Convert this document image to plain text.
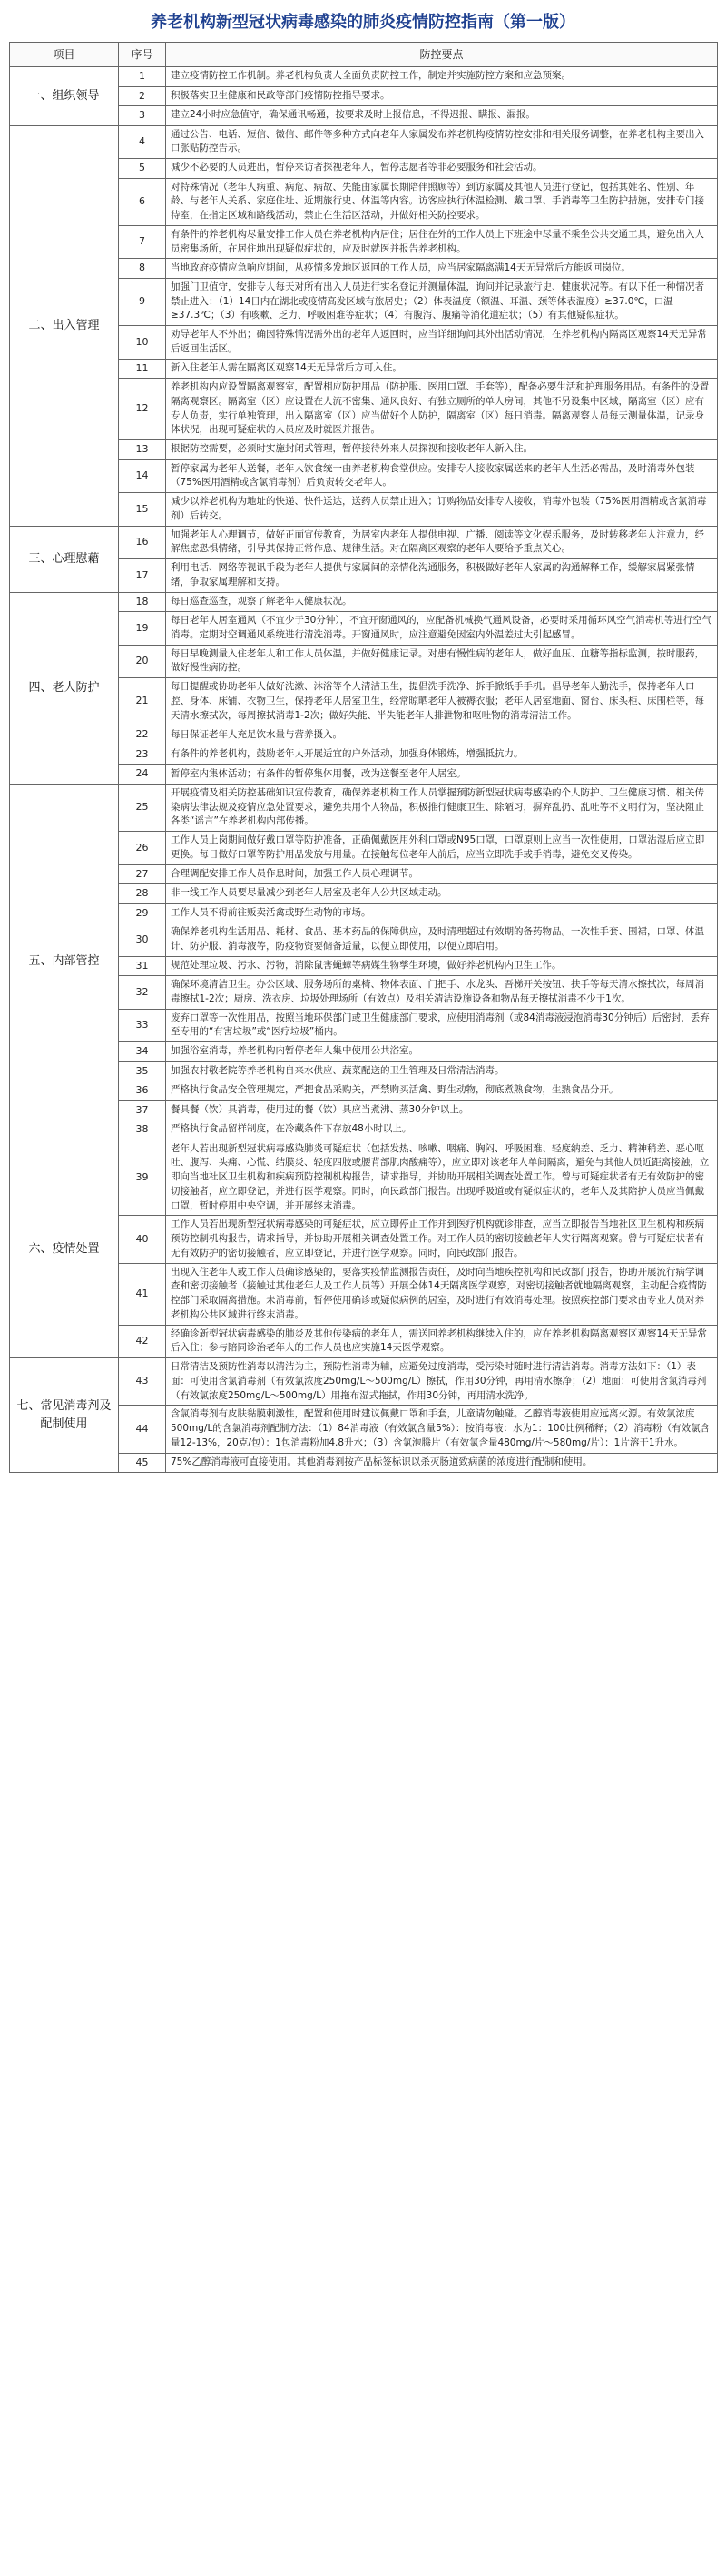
养老机构新型冠状病毒感染的肺炎疫情防控指南（第一版）
项目	序号	防控要点
一、组织领导	1	建立疫情防控工作机制。养老机构负责人全面负责防控工作，制定并实施防控方案和应急预案。
	2	积极落实卫生健康和民政等部门疫情防控指导要求。
	3	建立24小时应急值守，确保通讯畅通，按要求及时上报信息，不得迟报、瞒报、漏报。
二、出入管理	4	通过公告、电话、短信、微信、邮件等多种方式向老年人家属发布养老机构疫情防控安排和相关服务调整，在养老机构主要出入口张贴防控告示。
	5	减少不必要的人员进出，暂停来访者探视老年人，暂停志愿者等非必要服务和社会活动。
	6	对特殊情况（老年人病重、病危、病故、失能由家属长期陪伴照顾等）到访家属及其他人员进行登记，包括其姓名、性别、年龄、与老年人关系、家庭住址、近期旅行史、体温等内容。访客应执行体温检测、戴口罩、手消毒等卫生防护措施，安排专门接待室，在指定区域和路线活动，禁止在生活区活动，并做好相关防控要求。
	7	有条件的养老机构尽量安排工作人员在养老机构内居住；居住在外的工作人员上下班途中尽量不乘坐公共交通工具，避免出入人员密集场所，在居住地出现疑似症状的，应及时就医并报告养老机构。
	8	当地政府疫情应急响应期间，从疫情多发地区返回的工作人员，应当居家隔离满14天无异常后方能返回岗位。
	9	加强门卫值守，安排专人每天对所有出入人员进行实名登记并测量体温，询问并记录旅行史、健康状况等。有以下任一种情况者禁止进入：（1）14日内在湖北或疫情高发区域有旅居史；（2）体表温度（额温、耳温、颈等体表温度）≥37.0℃，口温≥37.3℃；（3）有咳嗽、乏力、呼吸困难等症状；（4）有腹泻、腹痛等消化道症状；（5）有其他疑似症状。
	10	劝导老年人不外出；确因特殊情况需外出的老年人返回时，应当详细询问其外出活动情况，在养老机构内隔离区观察14天无异常后返回生活区。
	11	新入住老年人需在隔离区观察14天无异常后方可入住。
	12	养老机构内应设置隔离观察室，配置相应防护用品（防护服、医用口罩、手套等），配备必要生活和护理服务用品。有条件的设置隔离观察区。隔离室（区）应设置在人流不密集、通风良好、有独立厕所的单人房间，其他不另设集中区域，隔离室（区）应有专人负责，实行单独管理，出入隔离室（区）应当做好个人防护，隔离室（区）每日消毒。隔离观察人员每天测量体温，记录身体状况，出现可疑症状的人员应及时就医并报告。
	13	根据防控需要，必须时实施封闭式管理，暂停接待外来人员探视和接收老年人新入住。
	14	暂停家属为老年人送餐，老年人饮食统一由养老机构食堂供应。安排专人接收家属送来的老年人生活必需品，及时消毒外包装（75%医用酒精或含氯消毒剂）后负责转交老年人。
	15	减少以养老机构为地址的快递、快件送达，送药人员禁止进入；订购物品安排专人接收，消毒外包装（75%医用酒精或含氯消毒剂）后转交。
三、心理慰藉	16	加强老年人心理调节，做好正面宣传教育，为居室内老年人提供电视、广播、阅读等文化娱乐服务，及时转移老年人注意力，纾解焦虑恐惧情绪，引导其保持正常作息、规律生活。对在隔离区观察的老年人要给予重点关心。
	17	利用电话、网络等视讯手段为老年人提供与家属间的亲情化沟通服务，积极做好老年人家属的沟通解释工作，缓解家属紧张情绪，争取家属理解和支持。
四、老人防护	18	每日巡查巡查，观察了解老年人健康状况。
	19	每日老年人居室通风（不宜少于30分钟），不宜开窗通风的，应配备机械换气通风设备，必要时采用循环风空气消毒机等进行空气消毒。定期对空调通风系统进行清洗消毒。开窗通风时，应注意避免因室内外温差过大引起感冒。
	20	每日早晚测量入住老年人和工作人员体温，并做好健康记录。对患有慢性病的老年人，做好血压、血糖等指标监测，按时服药，做好慢性病防控。
	21	每日提醒或协助老年人做好洗漱、沐浴等个人清洁卫生，提倡洗手洗净、拆手掀纸手手机。倡导老年人勤洗手，保持老年人口腔、身体、床铺、衣物卫生，保持老年人居室卫生，经常晾晒老年人被褥衣服；老年人居室地面、窗台、床头柜、床围栏等，每天清水擦拭次，每周擦拭消毒1-2次；做好失能、半失能老年人排泄物和呕吐物的消毒清洁工作。
	22	每日保证老年人充足饮水量与营养摄入。
	23	有条件的养老机构，鼓励老年人开展适宜的户外活动，加强身体锻炼，增强抵抗力。
	24	暂停室内集体活动；有条件的暂停集体用餐，改为送餐至老年人居室。
五、内部管控	25	开展疫情及相关防控基础知识宣传教育，确保养老机构工作人员掌握预防新型冠状病毒感染的个人防护、卫生健康习惯、相关传染病法律法规及疫情应急处置要求，避免共用个人物品，积极推行健康卫生、除陋习，摒弃乱扔、乱吐等不文明行为，坚决阻止各类“谣言”在养老机构内部传播。
	26	工作人员上岗期间做好戴口罩等防护准备，正确佩戴医用外科口罩或N95口罩，口罩原则上应当一次性使用，口罩沾湿后应立即更换。每日做好口罩等防护用品发放与用量。在接触每位老年人前后，应当立即洗手或手消毒，避免交叉传染。
	27	合理调配安排工作人员作息时间，加强工作人员心理调节。
	28	非一线工作人员要尽量减少到老年人居室及老年人公共区域走动。
	29	工作人员不得前往贩卖活禽或野生动物的市场。
	30	确保养老机构生活用品、耗材、食品、基本药品的保障供应，及时清理超过有效期的备药物品。一次性手套、围裙，口罩、体温计、防护服、消毒液等，防疫物资要储备适量，以便立即使用，以便立即启用。
	31	规范处理垃圾、污水、污物，消除鼠害蝇蟑等病媒生物孳生环境，做好养老机构内卫生工作。
	32	确保环境清洁卫生。办公区域、服务场所的桌椅、物体表面、门把手、水龙头、吾梯开关按钮、扶手等每天清水擦拭次，每周消毒擦拭1-2次；厨房、洗衣房、垃圾处理场所（有效点）及相关清洁设施设备和物品每天擦拭消毒不少于1次。
	33	废弃口罩等一次性用品，按照当地环保部门或卫生健康部门要求，应使用消毒剂（或84消毒液浸泡消毒30分钟后）后密封，丢弃至专用的“有害垃圾”或“医疗垃圾”桶内。
	34	加强浴室消毒，养老机构内暂停老年人集中使用公共浴室。
	35	加强农村敬老院等养老机构自来水供应、蔬菜配送的卫生管理及日常清洁消毒。
	36	严格执行食品安全管理规定，严把食品采购关，严禁购买活禽、野生动物，彻底煮熟食物，生熟食品分开。
	37	餐具餐（饮）具消毒，使用过的餐（饮）具应当煮沸、蒸30分钟以上。
	38	严格执行食品留样制度，在冷藏条件下存放48小时以上。
六、疫情处置	39	老年人若出现新型冠状病毒感染肺炎可疑症状（包括发热、咳嗽、咽痛、胸闷、呼吸困难、轻度纳差、乏力、精神稍差、恶心呕吐、腹泻、头痛、心慌、结膜炎、轻度四肢或腰背部肌肉酸痛等），应立即对该老年人单间隔离，避免与其他人员近距离接触，立即向当地社区卫生机构和疾病预防控制机构报告，请求指导，并协助开展相关调查处置工作。曾与可疑症状者有无有效防护的密切接触者，应立即登记，并进行医学观察。同时，向民政部门报告。出现呼吸道或有疑似症状的，老年人及其陪护人员应当佩戴口罩，暂时停用中央空调，并开展终末消毒。
	40	工作人员若出现新型冠状病毒感染的可疑症状，应立即停止工作并到医疗机构就诊排查，应当立即报告当地社区卫生机构和疾病预防控制机构报告，请求指导，并协助开展相关调查处置工作。对工作人员的密切接触老年人实行隔离观察。曾与可疑症状者有无有效防护的密切接触者，应立即登记，并进行医学观察。同时，向民政部门报告。
	41	出现入住老年人或工作人员确诊感染的，要落实疫情监测报告责任，及时向当地疾控机构和民政部门报告，协助开展流行病学调查和密切接触者（接触过其他老年人及工作人员等）开展全体14天隔离医学观察，对密切接触者就地隔离观察，主动配合疫情防控部门采取隔离措施。未消毒前，暂停使用确诊或疑似病例的居室，及时进行有效消毒处理。按照疾控部门要求由专业人员对养老机构公共区域进行终末消毒。
	42	经确诊新型冠状病毒感染的肺炎及其他传染病的老年人，需送回养老机构继续入住的，应在养老机构隔离观察区观察14天无异常后入住；参与陪同诊治老年人的工作人员也应实施14天医学观察。
七、常见消毒剂及配制使用	43	日常清洁及预防性消毒以清洁为主，预防性消毒为辅，应避免过度消毒，受污染时随时进行清洁消毒。消毒方法如下：（1）表面：可使用含氯消毒剂（有效氯浓度250mg/L～500mg/L）擦拭，作用30分钟，再用清水擦净；（2）地面：可使用含氯消毒剂（有效氯浓度250mg/L～500mg/L）用拖布湿式拖拭，作用30分钟，再用清水洗净。
	44	含氯消毒剂有皮肤黏膜刺激性，配置和使用时建议佩戴口罩和手套，儿童请勿触碰。乙醇消毒液使用应远离火源。有效氯浓度500mg/L的含氯消毒剂配制方法：（1）84消毒液（有效氯含量5%）：按消毒液：水为1：100比例稀释；（2）消毒粉（有效氯含量12-13%，20克/包）：1包消毒粉加4.8升水；（3）含氯泡腾片（有效氯含量480mg/片～580mg/片）：1片溶于1升水。
	45	75%乙醇消毒液可直接使用。其他消毒剂按产品标签标识以杀灭肠道致病菌的浓度进行配制和使用。
